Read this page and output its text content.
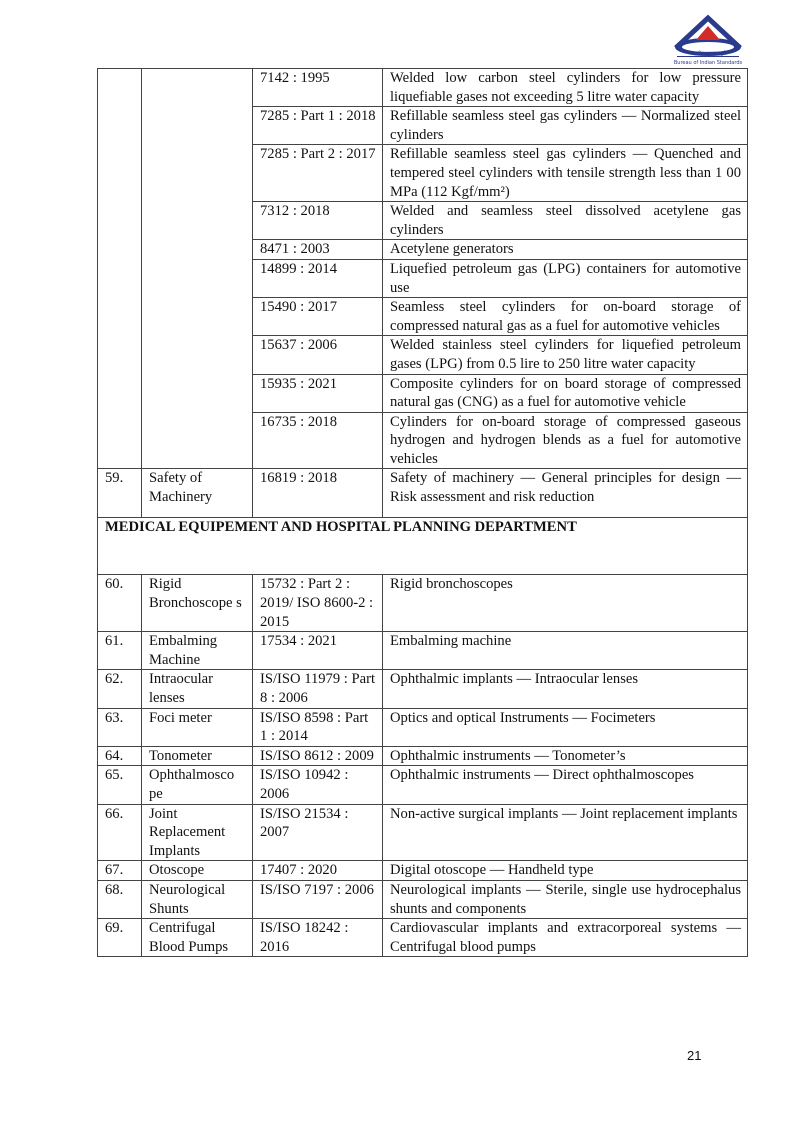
भारतीय मानक ब्यूरो
Bureau of Indian Standards
		7142 : 1995	Welded low carbon steel cylinders for low pressure liquefiable gases not exceeding 5 litre water capacity
		7285 : Part 1 : 2018	Refillable seamless steel gas cylinders — Normalized steel cylinders
		7285 : Part 2 : 2017	Refillable seamless steel gas cylinders — Quenched and tempered steel cylinders with tensile strength less than 1 00 MPa (112 Kgf/mm²)
		7312 : 2018	Welded and seamless steel dissolved acetylene gas cylinders
		8471 : 2003	Acetylene generators
		14899 : 2014	Liquefied petroleum gas (LPG) containers for automotive use
		15490 : 2017	Seamless steel cylinders for on-board storage of compressed natural gas as a fuel for automotive vehicles
		15637 : 2006	Welded stainless steel cylinders for liquefied petroleum gases (LPG) from 0.5 lire to 250 litre water capacity
		15935 : 2021	Composite cylinders for on board storage of compressed natural gas (CNG) as a fuel for automotive vehicle
		16735 : 2018	Cylinders for on-board storage of compressed gaseous hydrogen and hydrogen blends as a fuel for automotive vehicles
59.	Safety of Machinery	16819 : 2018	Safety of machinery — General principles for design — Risk assessment and risk reduction
MEDICAL EQUIPEMENT AND HOSPITAL PLANNING DEPARTMENT			
60.	Rigid Bronchoscope s	15732 : Part 2 : 2019/ ISO 8600-2 : 2015	Rigid bronchoscopes
61.	Embalming Machine	17534 : 2021	Embalming machine
62.	Intraocular lenses	IS/ISO 11979 : Part 8 : 2006	Ophthalmic implants — Intraocular lenses
63.	Foci meter	IS/ISO 8598 : Part 1 : 2014	Optics and optical Instruments — Focimeters
64.	Tonometer	IS/ISO 8612 : 2009	Ophthalmic instruments — Tonometer’s
65.	Ophthalmosco pe	IS/ISO 10942 : 2006	Ophthalmic instruments — Direct ophthalmoscopes
66.	Joint Replacement Implants	IS/ISO 21534 : 2007	Non-active surgical implants — Joint replacement implants
67.	Otoscope	17407 : 2020	Digital otoscope — Handheld type
68.	Neurological Shunts	IS/ISO 7197 : 2006	Neurological implants — Sterile, single use hydrocephalus shunts and components
69.	Centrifugal Blood Pumps	IS/ISO 18242 : 2016	Cardiovascular implants and extracorporeal systems — Centrifugal blood pumps
21
